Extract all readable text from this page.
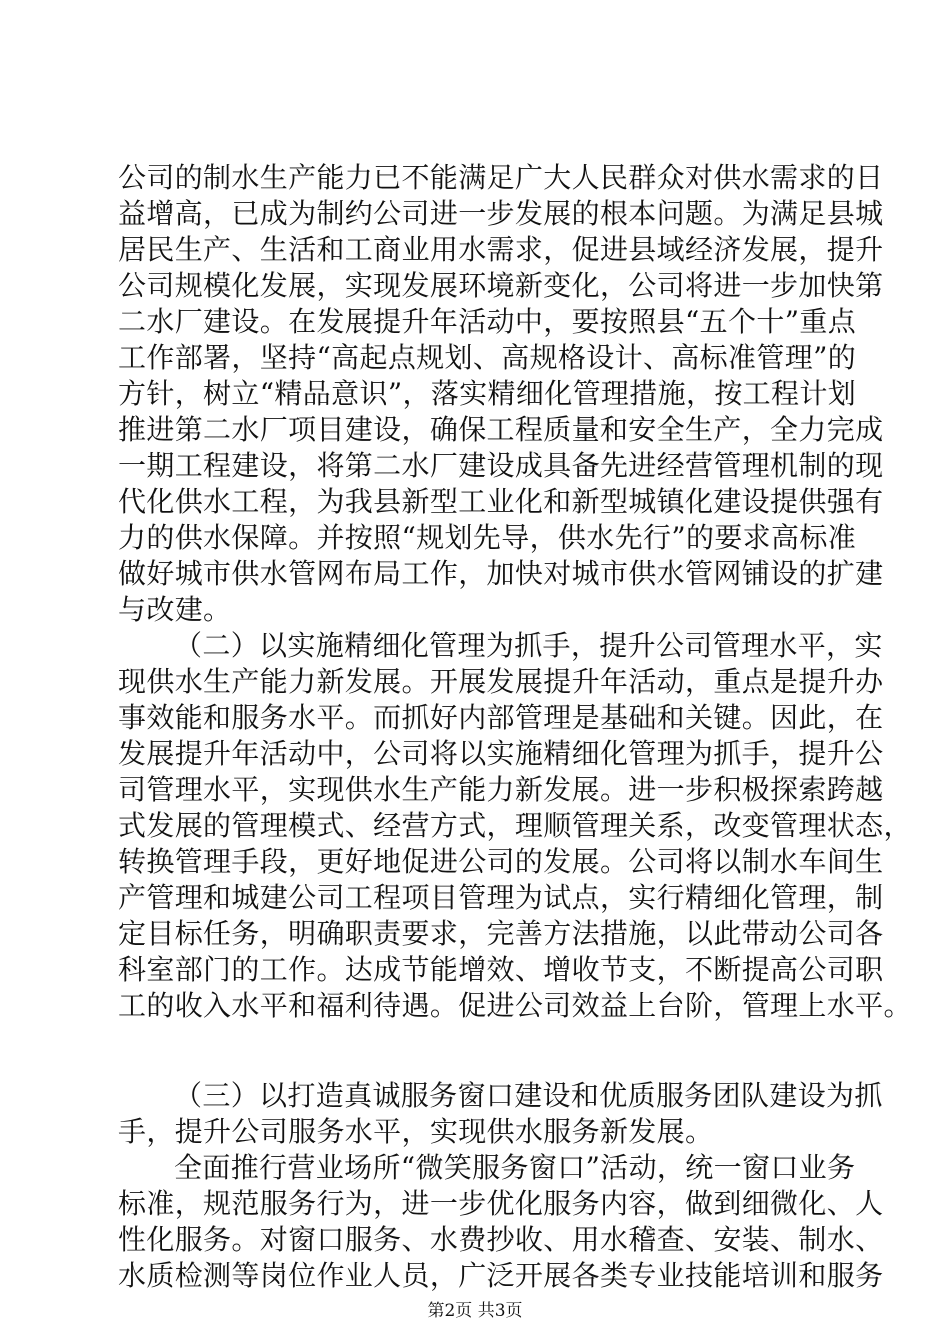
公司的制水生产能力已不能满足广大人民群众对供水需求的日
益增高，已成为制约公司进一步发展的根本问题。为满足县城
居民生产、生活和工商业用水需求，促进县域经济发展，提升
公司规模化发展，实现发展环境新变化，公司将进一步加快第
二水厂建设。在发展提升年活动中，要按照县“五个十”重点
工作部署，坚持“高起点规划、高规格设计、高标准管理”的
方针，树立“精品意识”，落实精细化管理措施，按工程计划
推进第二水厂项目建设，确保工程质量和安全生产，全力完成
一期工程建设，将第二水厂建设成具备先进经营管理机制的现
代化供水工程，为我县新型工业化和新型城镇化建设提供强有
力的供水保障。并按照“规划先导，供水先行”的要求高标准
做好城市供水管网布局工作，加快对城市供水管网铺设的扩建
与改建。
（二）以实施精细化管理为抓手，提升公司管理水平，实
现供水生产能力新发展。开展发展提升年活动，重点是提升办
事效能和服务水平。而抓好内部管理是基础和关键。因此，在
发展提升年活动中，公司将以实施精细化管理为抓手，提升公
司管理水平，实现供水生产能力新发展。进一步积极探索跨越
式发展的管理模式、经营方式，理顺管理关系，改变管理状态，
转换管理手段，更好地促进公司的发展。公司将以制水车间生
产管理和城建公司工程项目管理为试点，实行精细化管理，制
定目标任务，明确职责要求，完善方法措施，以此带动公司各
科室部门的工作。达成节能增效、增收节支，不断提高公司职
工的收入水平和福利待遇。促进公司效益上台阶，管理上水平。
（三）以打造真诚服务窗口建设和优质服务团队建设为抓
手，提升公司服务水平，实现供水服务新发展。
全面推行营业场所“微笑服务窗口”活动，统一窗口业务
标准，规范服务行为，进一步优化服务内容，做到细微化、人
性化服务。对窗口服务、水费抄收、用水稽查、安装、制水、
水质检测等岗位作业人员，广泛开展各类专业技能培训和服务
第2页 共3页
